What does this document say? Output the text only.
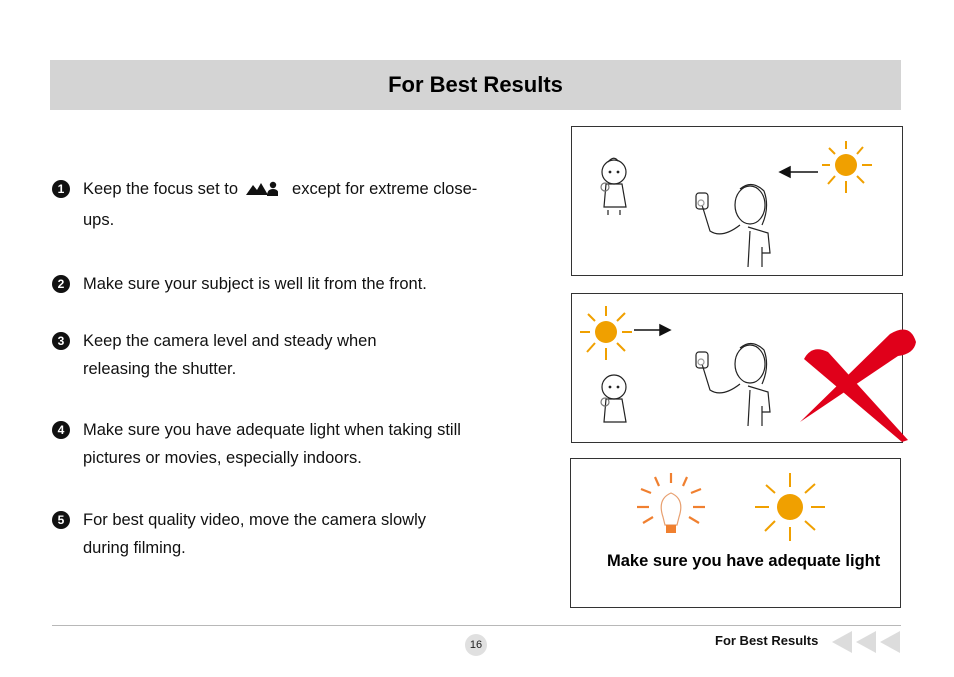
For Best Results
1	Keep the focus set to	except for extreme close-ups.
2	Make sure your subject is well lit from the front.
3	Keep the camera level and steady when releasing the shutter.
4	Make sure you have adequate light when taking still pictures or movies, especially indoors.
5	For best quality video, move the camera slowly during filming.
Make sure you have adequate light
16	For Best Results
